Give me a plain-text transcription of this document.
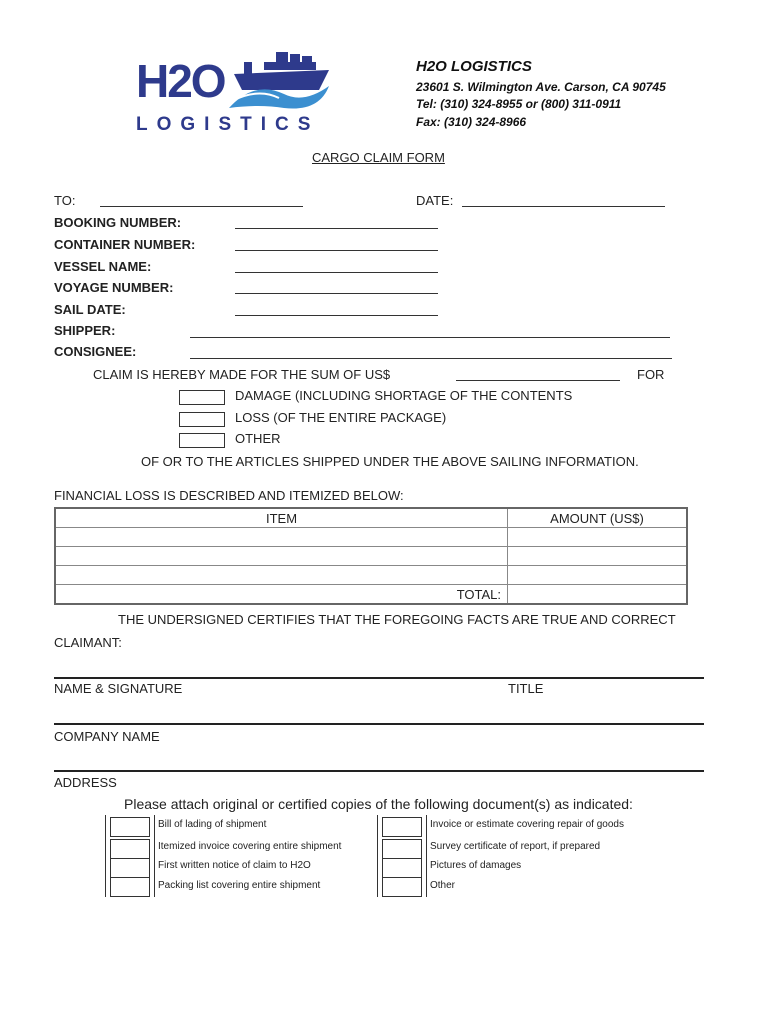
H2O
LOGISTICS
H2O LOGISTICS
23601 S. Wilmington Ave. Carson, CA 90745
Tel: (310) 324-8955 or (800) 311-0911
Fax: (310) 324-8966
CARGO CLAIM FORM
TO:	DATE:
BOOKING NUMBER:
CONTAINER NUMBER:
VESSEL NAME:
VOYAGE NUMBER:
SAIL DATE:
SHIPPER:
CONSIGNEE:
CLAIM IS HEREBY MADE FOR THE SUM OF US$	FOR
DAMAGE (INCLUDING SHORTAGE OF THE CONTENTS
LOSS (OF THE ENTIRE PACKAGE)
OTHER
OF OR TO THE ARTICLES SHIPPED UNDER THE ABOVE SAILING INFORMATION.
FINANCIAL LOSS IS DESCRIBED AND ITEMIZED BELOW:
ITEM	AMOUNT (US$)

TOTAL:	
THE UNDERSIGNED CERTIFIES THAT THE FOREGOING FACTS ARE TRUE AND CORRECT
CLAIMANT:
NAME & SIGNATURE	TITLE
COMPANY NAME
ADDRESS
Please attach original or certified copies of the following document(s) as indicated:
Bill of lading of shipment
Itemized invoice covering entire shipment
First written notice of claim to H2O
Packing list covering entire shipment
Invoice or estimate covering repair of goods
Survey certificate of report, if prepared
Pictures of damages
Other
